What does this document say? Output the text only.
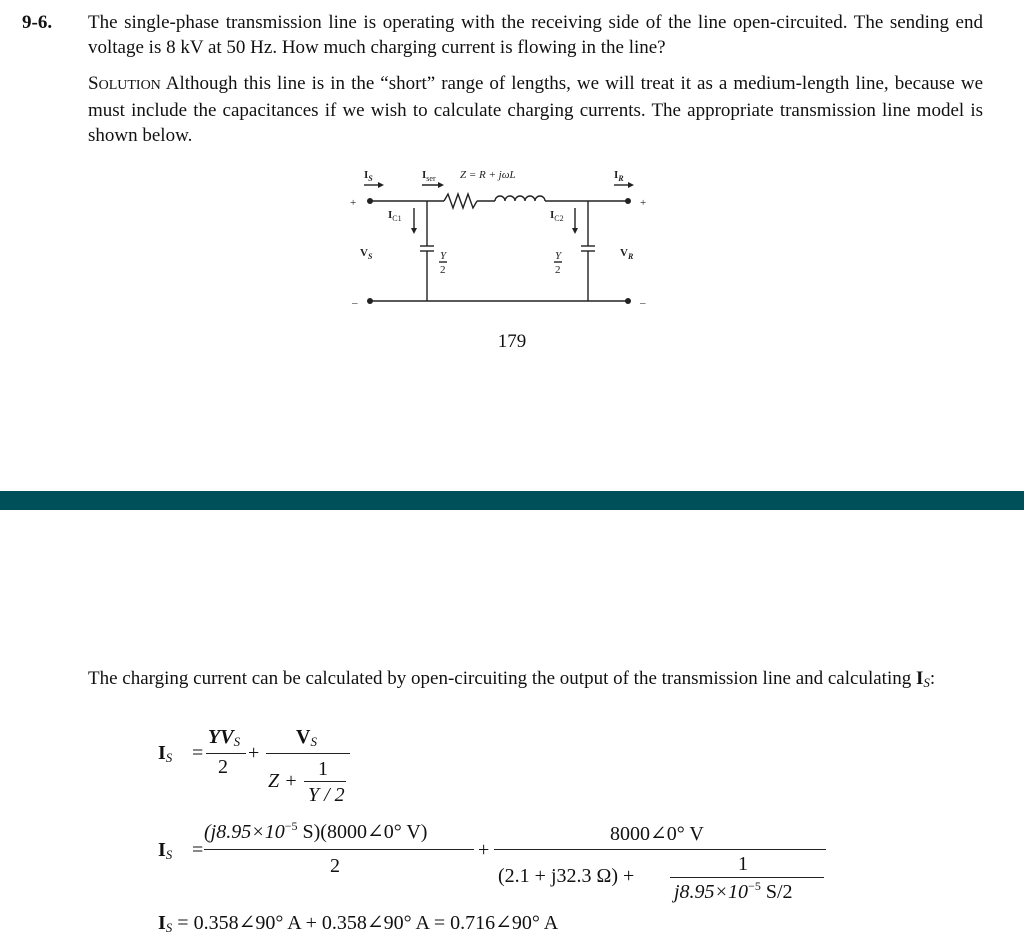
9-6. The single-phase transmission line is operating with the receiving side of the line open-circuited. The sending end voltage is 8 kV at 50 Hz. How much charging current is flowing in the line?
SOLUTION Although this line is in the “short” range of lengths, we will treat it as a medium-length line, because we must include the capacitances if we wish to calculate charging currents. The appropriate transmission line model is shown below.
$I_S$	$I_{ser}$ Z = R + jωL	$I_R$
$I_{C1}$	$I_{C2}$
$V_S$	$V_R$
Y
2
Y
2
+	+
–	–
179
The charging current can be calculated by open-circuiting the output of the transmission line and calculating $I_S$:
$I_S$ =
$YV_S$
2
+
$V_S$
Z +
1
Y / 2
$I_S$ =
($j8.95\times 10^{-5}$ S)(8000∠0° V)
2
+
8000∠0° V
(2.1 + j32.3 Ω) +
1
$j8.95\times 10^{-5}$ S/2
$I_S$ = 0.358∠90° A + 0.358∠90° A = 0.716∠90° A
